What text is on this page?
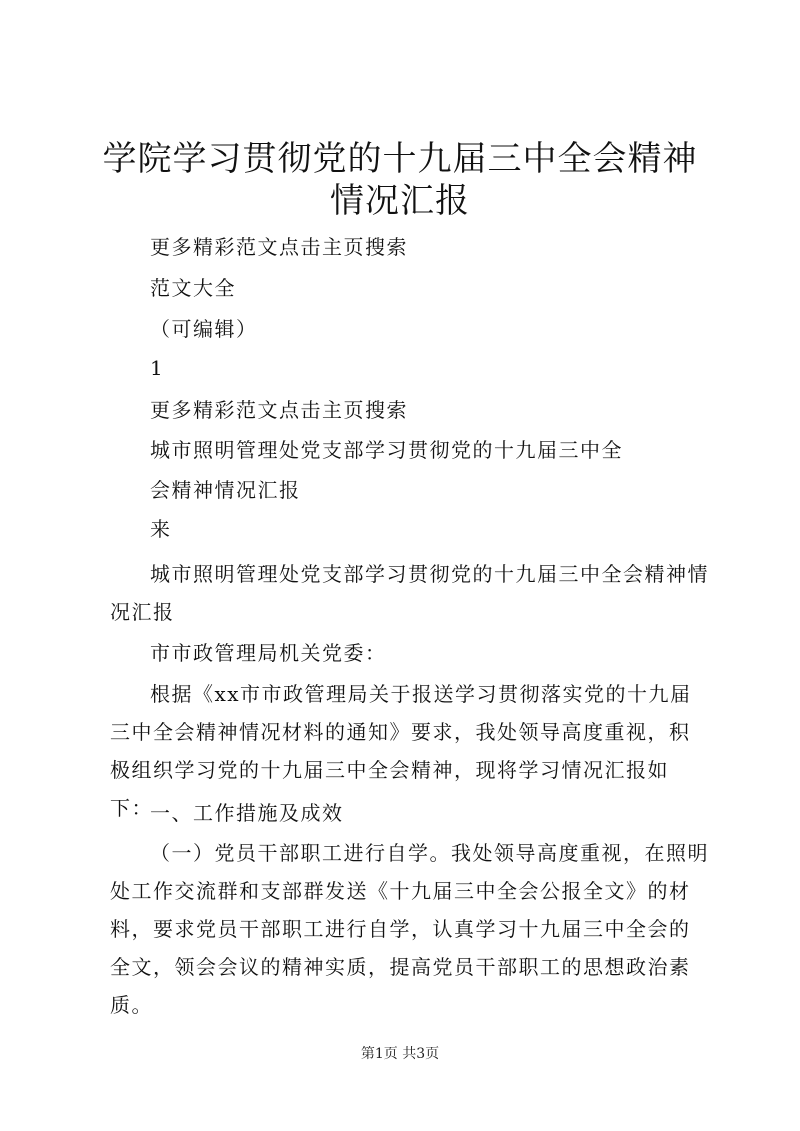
学院学习贯彻党的十九届三中全会精神情况汇报

更多精彩范文点击主页搜索

范文大全

（可编辑）

1

更多精彩范文点击主页搜索

城市照明管理处党支部学习贯彻党的十九届三中全

会精神情况汇报

来

城市照明管理处党支部学习贯彻党的十九届三中全会精神情况汇报

市市政管理局机关党委：

根据《xx市市政管理局关于报送学习贯彻落实党的十九届三中全会精神情况材料的通知》要求，我处领导高度重视，积极组织学习党的十九届三中全会精神，现将学习情况汇报如下：

一、工作措施及成效

（一）党员干部职工进行自学。我处领导高度重视，在照明处工作交流群和支部群发送《十九届三中全会公报全文》的材料，要求党员干部职工进行自学，认真学习十九届三中全会的全文，领会会议的精神实质，提高党员干部职工的思想政治素质。

第1页 共3页
